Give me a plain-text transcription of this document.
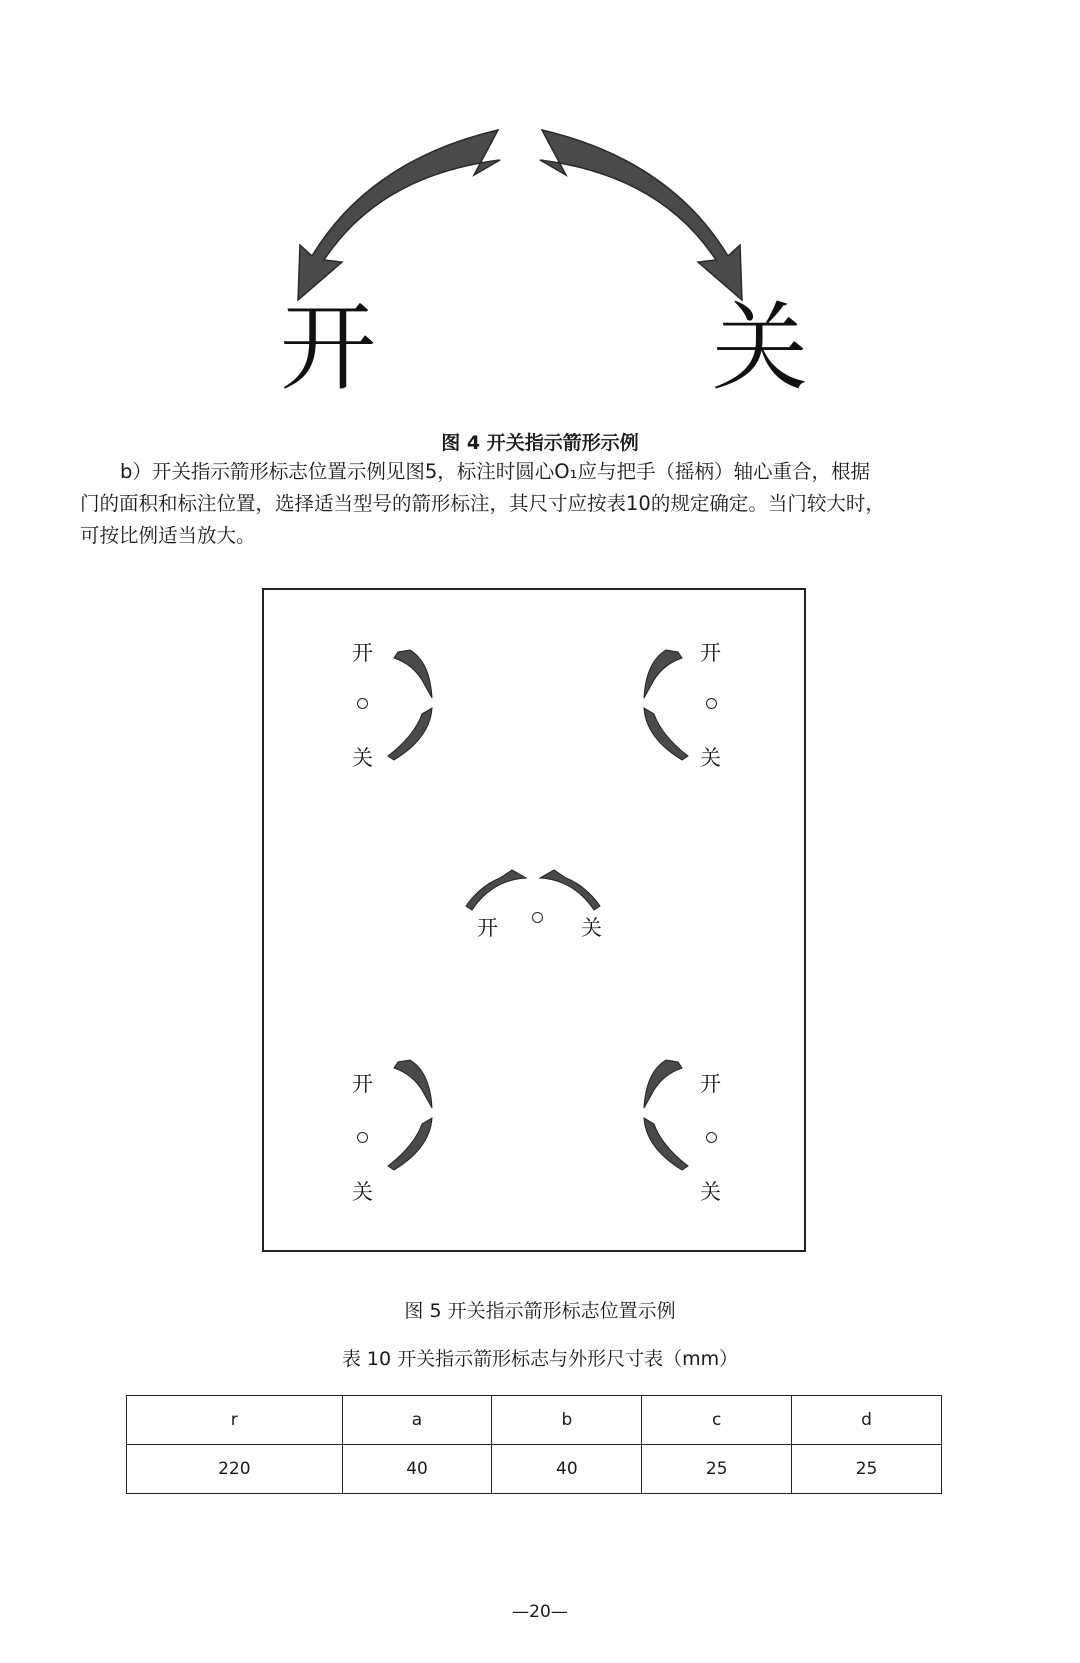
开	关
图 4 开关指示箭形示例

b）开关指示箭形标志位置示例见图5，标注时圆心O₁应与把手（摇柄）轴心重合，根据

门的面积和标注位置，选择适当型号的箭形标注，其尺寸应按表10的规定确定。当门较大时，

可按比例适当放大。

开
关
开
关
开	关
开
关
开
关
图 5 开关指示箭形标志位置示例
表 10 开关指示箭形标志与外形尺寸表（mm）
r	a	b	c	d
220	40	40	25	25
—20—
